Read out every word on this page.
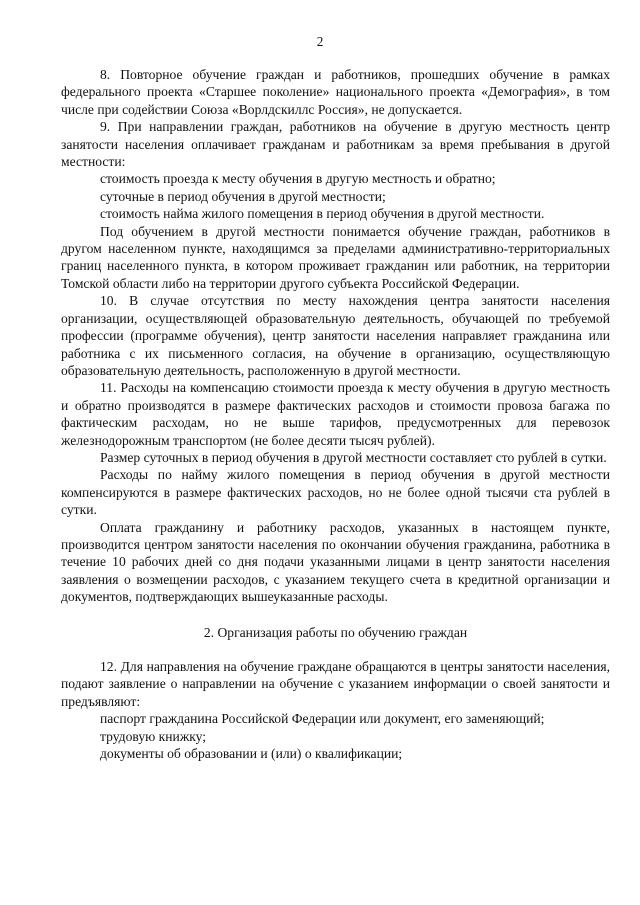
2

8. Повторное обучение граждан и работников, прошедших обучение в рамках федерального проекта «Старшее поколение» национального проекта «Демография», в том числе при содействии Союза «Ворлдскиллс Россия», не допускается.

9. При направлении граждан, работников на обучение в другую местность центр занятости населения оплачивает гражданам и работникам за время пребывания в другой местности:

стоимость проезда к месту обучения в другую местность и обратно;

суточные в период обучения в другой местности;

стоимость найма жилого помещения в период обучения в другой местности.

Под обучением в другой местности понимается обучение граждан, работников в другом населенном пункте, находящимся за пределами административно-территориальных границ населенного пункта, в котором проживает гражданин или работник, на территории Томской области либо на территории другого субъекта Российской Федерации.

10. В случае отсутствия по месту нахождения центра занятости населения организации, осуществляющей образовательную деятельность, обучающей по требуемой профессии (программе обучения), центр занятости населения направляет гражданина или работника с их письменного согласия, на обучение в организацию, осуществляющую образовательную деятельность, расположенную в другой местности.

11. Расходы на компенсацию стоимости проезда к месту обучения в другую местность и обратно производятся в размере фактических расходов и стоимости провоза багажа по фактическим расходам, но не выше тарифов, предусмотренных для перевозок железнодорожным транспортом (не более десяти тысяч рублей).

Размер суточных в период обучения в другой местности составляет сто рублей в сутки.

Расходы по найму жилого помещения в период обучения в другой местности компенсируются в размере фактических расходов, но не более одной тысячи ста рублей в сутки.

Оплата гражданину и работнику расходов, указанных в настоящем пункте, производится центром занятости населения по окончании обучения гражданина, работника в течение 10 рабочих дней со дня подачи указанными лицами в центр занятости населения заявления о возмещении расходов, с указанием текущего счета в кредитной организации и документов, подтверждающих вышеуказанные расходы.

2. Организация работы по обучению граждан

12. Для направления на обучение граждане обращаются в центры занятости населения, подают заявление о направлении на обучение с указанием информации о своей занятости и предъявляют:

паспорт гражданина Российской Федерации или документ, его заменяющий;

трудовую книжку;

документы об образовании и (или) о квалификации;
